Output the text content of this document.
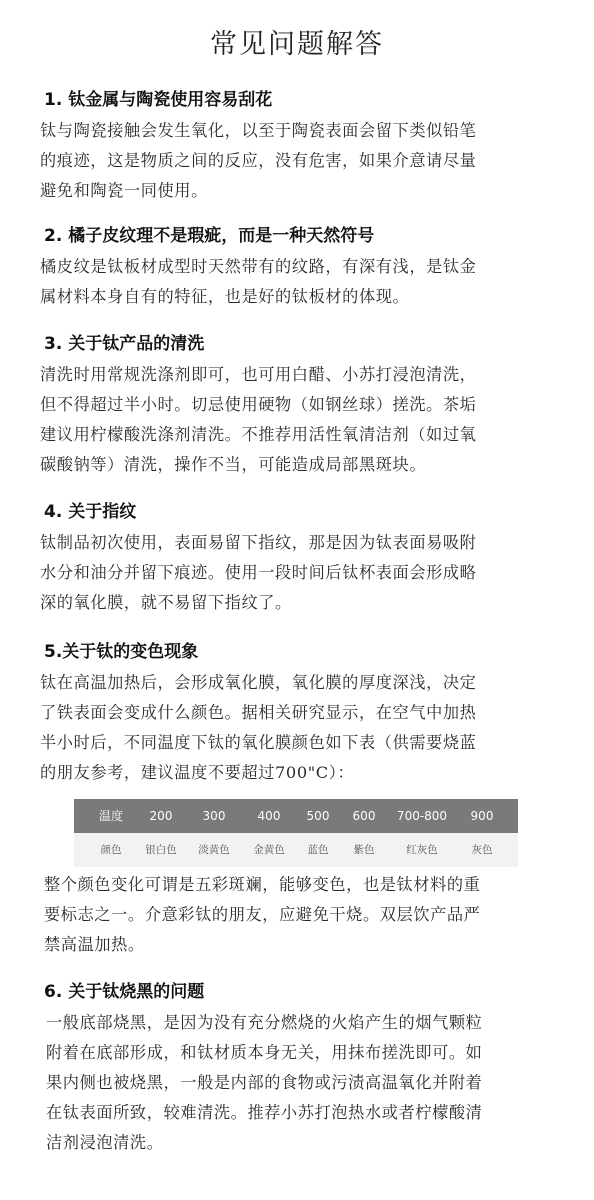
常见问题解答
1. 钛金属与陶瓷使用容易刮花

钛与陶瓷接触会发生氧化，以至于陶瓷表面会留下类似铅笔

的痕迹，这是物质之间的反应，没有危害，如果介意请尽量

避免和陶瓷一同使用。

2. 橘子皮纹理不是瑕疵，而是一种天然符号

橘皮纹是钛板材成型时天然带有的纹路，有深有浅，是钛金

属材料本身自有的特征，也是好的钛板材的体现。

3. 关于钛产品的清洗

清洗时用常规洗涤剂即可，也可用白醋、小苏打浸泡清洗，

但不得超过半小时。切忌使用硬物（如钢丝球）搓洗。茶垢

建议用柠檬酸洗涤剂清洗。不推荐用活性氧清洁剂（如过氧

碳酸钠等）清洗，操作不当，可能造成局部黑斑块。

4. 关于指纹

钛制品初次使用，表面易留下指纹，那是因为钛表面易吸附

水分和油分并留下痕迹。使用一段时间后钛杯表面会形成略

深的氧化膜，就不易留下指纹了。

5.关于钛的变色现象

钛在高温加热后，会形成氧化膜，氧化膜的厚度深浅，决定

了铁表面会变成什么颜色。据相关研究显示，在空气中加热

半小时后，不同温度下钛的氧化膜颜色如下表（供需要烧蓝

的朋友参考，建议温度不要超过700"C）：

温度 200	300	400 500 600 700-800 900
颜色 银白色 淡黄色 金黄色 蓝色 紫色	红灰色	灰色

整个颜色变化可谓是五彩斑斓，能够变色，也是钛材料的重

要标志之一。介意彩钛的朋友，应避免干烧。双层饮产品严

禁高温加热。

6. 关于钛烧黑的问题

一般底部烧黑，是因为没有充分燃烧的火焰产生的烟气颗粒

附着在底部形成，和钛材质本身无关，用抹布搓洗即可。如

果内侧也被烧黑，一般是内部的食物或污渍高温氧化并附着

在钛表面所致，较难清洗。推荐小苏打泡热水或者柠檬酸清

洁剂浸泡清洗。
